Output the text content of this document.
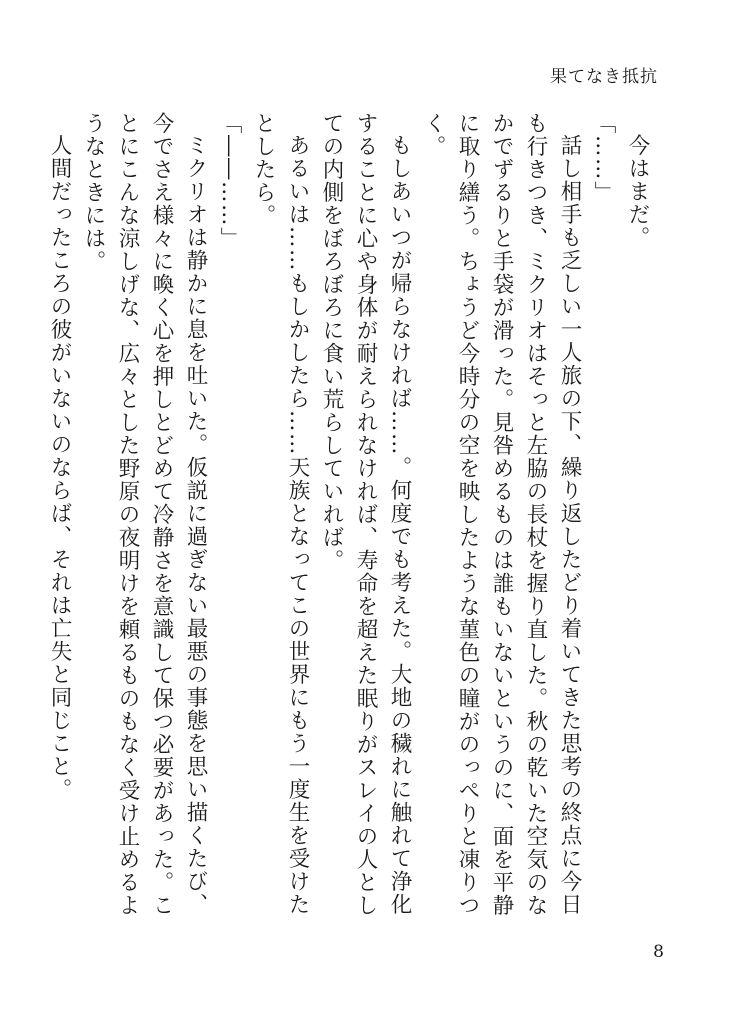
果てなき抵抗

今はまだ。

「……」

話し相手も乏しい一人旅の下、繰り返したどり着いてきた思考の終点に今日も行きつき、ミクリオはそっと左脇の長杖を握り直した。秋の乾いた空気のなかでずるりと手袋が滑った。見咎めるものは誰もいないというのに、面を平静に取り繕う。ちょうど今時分の空を映したような菫色の瞳がのっぺりと凍りつく。

もしあいつが帰らなければ……。何度でも考えた。大地の穢れに触れて浄化することに心や身体が耐えられなければ、寿命を超えた眠りがスレイの人としての内側をぼろぼろに食い荒らしていれば。

あるいは……もしかしたら……天族となってこの世界にもう一度生を受けたとしたら。

「――……」

ミクリオは静かに息を吐いた。仮説に過ぎない最悪の事態を思い描くたび、今でさえ様々に喚く心を押しとどめて冷静さを意識して保つ必要があった。ことにこんな涼しげな、広々とした野原の夜明けを頼るものもなく受け止めるようなときには。

人間だったころの彼がいないのならば、それは亡失と同じこと。

8
